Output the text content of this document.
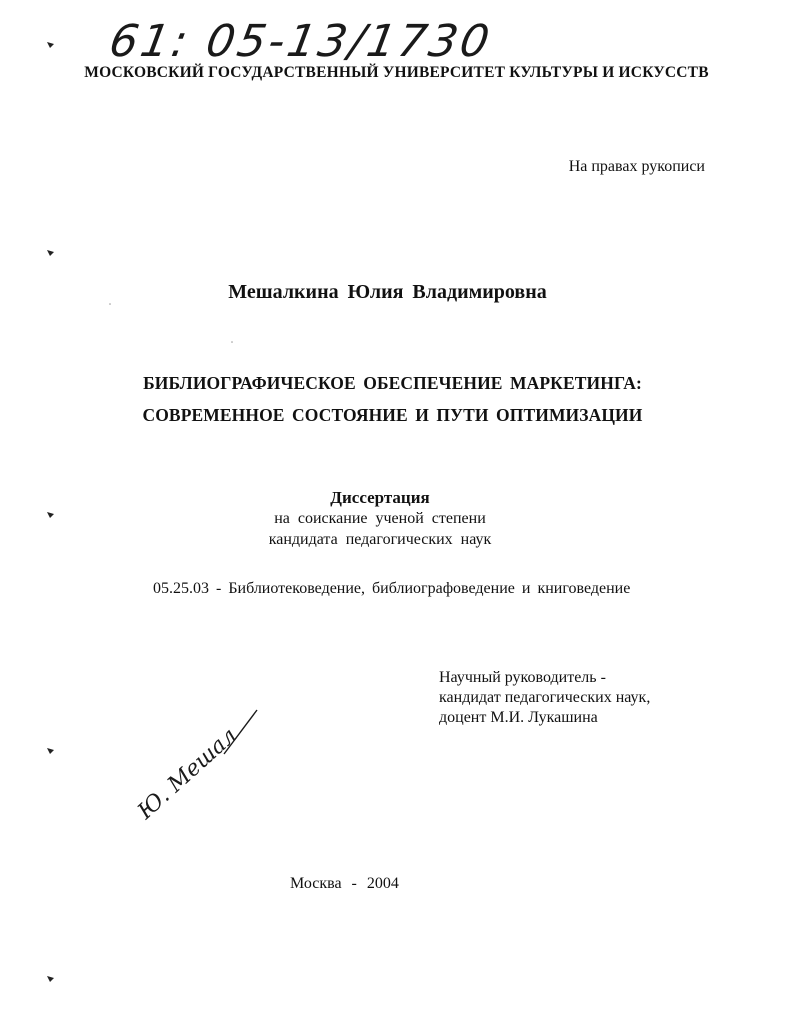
61: 05-13/1730

МОСКОВСКИЙ ГОСУДАРСТВЕННЫЙ УНИВЕРСИТЕТ КУЛЬТУРЫ И ИСКУССТВ

На правах рукописи

Мешалкина Юлия Владимировна

БИБЛИОГРАФИЧЕСКОЕ ОБЕСПЕЧЕНИЕ МАРКЕТИНГА:

СОВРЕМЕННОЕ СОСТОЯНИЕ И ПУТИ ОПТИМИЗАЦИИ

Диссертация

на соискание ученой степени

кандидата педагогических наук

05.25.03 - Библиотековедение, библиографоведение и книговедение

Научный руководитель -

кандидат педагогических наук,

доцент М.И. Лукашина

Ю. Мешал

Москва - 2004
